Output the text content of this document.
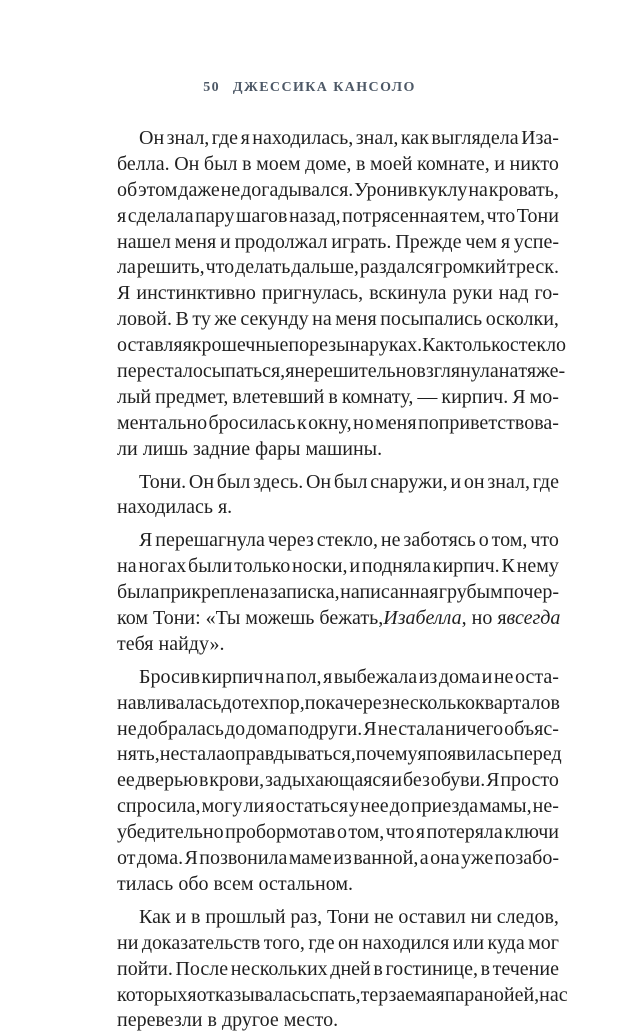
50 ДЖЕССИКА КАНСОЛО
Он знал, где я находилась, знал, как выглядела Иза-
белла. Он был в моем доме, в моей комнате, и никто
об этом даже не догадывался. Уронив куклу на кровать,
я сделала пару шагов назад, потрясенная тем, что Тони
нашел меня и продолжал играть. Прежде чем я успе-
ла решить, что делать дальше, раздался громкий треск.
Я инстинктивно пригнулась, вскинула руки над го-
ловой. В ту же секунду на меня посыпались осколки,
оставляя крошечные порезы на руках. Как только стекло
перестало сыпаться, я нерешительно взглянула на тяже-
лый предмет, влетевший в комнату, — кирпич. Я мо-
ментально бросилась к окну, но меня поприветствова-
ли лишь задние фары машины.
Тони. Он был здесь. Он был снаружи, и он знал, где
находилась я.
Я перешагнула через стекло, не заботясь о том, что
на ногах были только носки, и подняла кирпич. К нему
была прикреплена записка, написанная грубым почер-
ком Тони: «Ты можешь бежать, Изабелла , но я всегда
тебя найду».
Бросив кирпич на пол, я выбежала из дома и не оста-
навливалась до тех пор, пока через несколько кварталов
не добралась до дома подруги. Я не стала ничего объяс-
нять, не стала оправдываться, почему я появилась перед
ее дверью в крови, задыхающаяся и без обуви. Я просто
спросила, могу ли я остаться у нее до приезда мамы, не-
убедительно пробормотав о том, что я потеряла ключи
от дома. Я позвонила маме из ванной, а она уже позабо-
тилась обо всем остальном.
Как и в прошлый раз, Тони не оставил ни следов,
ни доказательств того, где он находился или куда мог
пойти. После нескольких дней в гостинице, в течение
которых я отказывалась спать, терзаемая паранойей, нас
перевезли в другое место.
